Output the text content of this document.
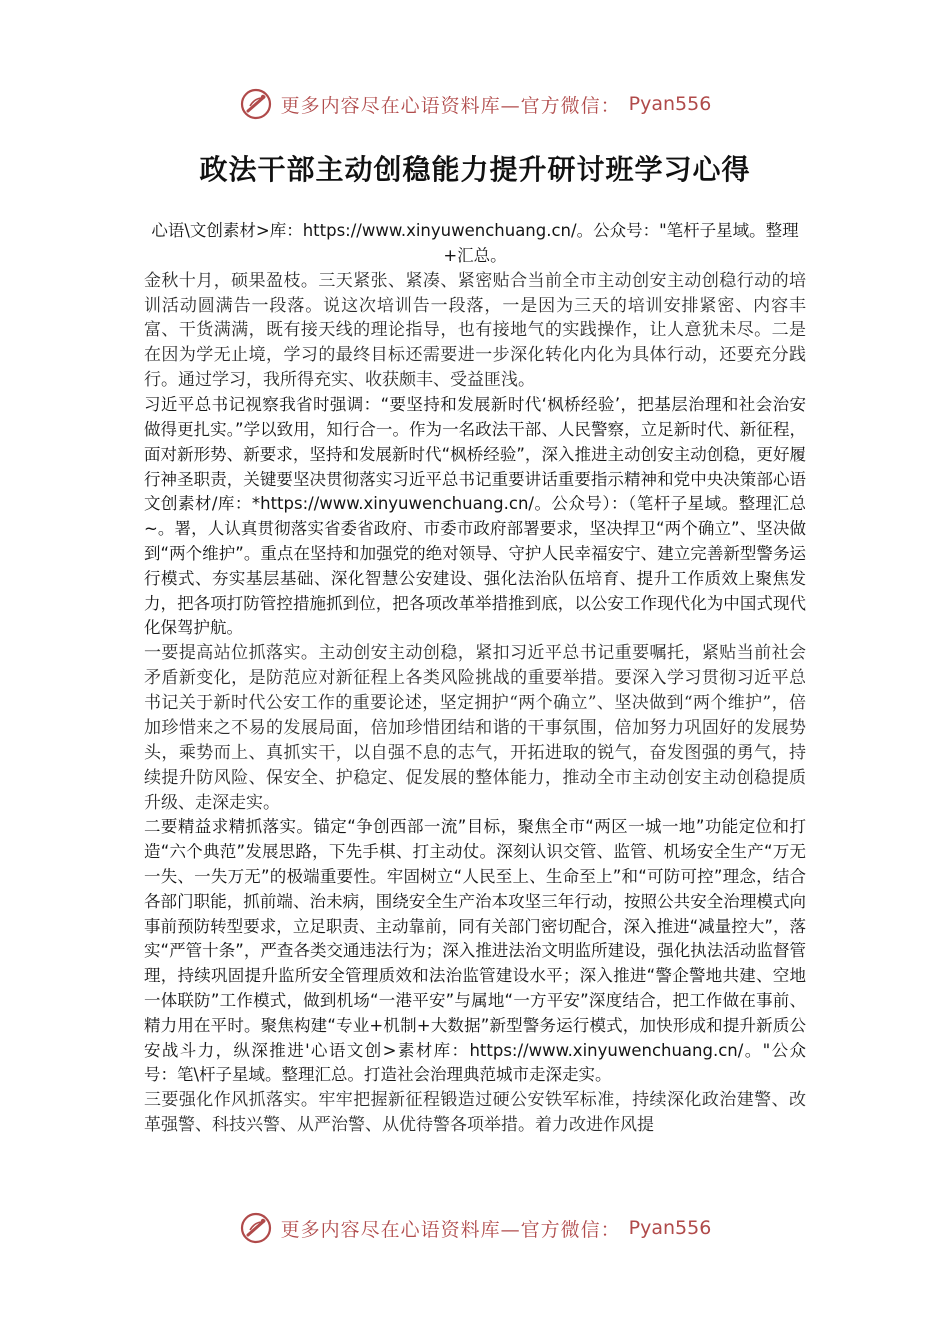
更多内容尽在心语资料库—官方微信： Pyan556
政法干部主动创稳能力提升研讨班学习心得

心语\文创素材>库：https://www.xinyuwenchuang.cn/。公众号："笔杆子星域。整理+汇总。

金秋十月，硕果盈枝。三天紧张、紧凑、紧密贴合当前全市主动创安主动创稳行动的培训活动圆满告一段落。说这次培训告一段落，一是因为三天的培训安排紧密、内容丰富、干货满满，既有接天线的理论指导，也有接地气的实践操作，让人意犹未尽。二是在因为学无止境，学习的最终目标还需要进一步深化转化内化为具体行动，还要充分践行。通过学习，我所得充实、收获颇丰、受益匪浅。

习近平总书记视察我省时强调：“要坚持和发展新时代‘枫桥经验’，把基层治理和社会治安做得更扎实。”学以致用，知行合一。作为一名政法干部、人民警察，立足新时代、新征程，面对新形势、新要求，坚持和发展新时代“枫桥经验”，深入推进主动创安主动创稳，更好履行神圣职责，关键要坚决贯彻落实习近平总书记重要讲话重要指示精神和党中央决策部心语文创素材/库：*https://www.xinyuwenchuang.cn/。公众号）：（笔杆子星域。整理汇总~。署，人认真贯彻落实省委省政府、市委市政府部署要求，坚决捍卫“两个确立”、坚决做到“两个维护”。重点在坚持和加强党的绝对领导、守护人民幸福安宁、建立完善新型警务运行模式、夯实基层基础、深化智慧公安建设、强化法治队伍培育、提升工作质效上聚焦发力，把各项打防管控措施抓到位，把各项改革举措推到底，以公安工作现代化为中国式现代化保驾护航。

一要提高站位抓落实。主动创安主动创稳，紧扣习近平总书记重要嘱托，紧贴当前社会矛盾新变化，是防范应对新征程上各类风险挑战的重要举措。要深入学习贯彻习近平总书记关于新时代公安工作的重要论述，坚定拥护“两个确立”、坚决做到“两个维护”，倍加珍惜来之不易的发展局面，倍加珍惜团结和谐的干事氛围，倍加努力巩固好的发展势头，乘势而上、真抓实干，以自强不息的志气，开拓进取的锐气，奋发图强的勇气，持续提升防风险、保安全、护稳定、促发展的整体能力，推动全市主动创安主动创稳提质升级、走深走实。

二要精益求精抓落实。锚定“争创西部一流”目标，聚焦全市“两区一城一地”功能定位和打造“六个典范”发展思路，下先手棋、打主动仗。深刻认识交管、监管、机场安全生产“万无一失、一失万无”的极端重要性。牢固树立“人民至上、生命至上”和“可防可控”理念，结合各部门职能，抓前端、治未病，围绕安全生产治本攻坚三年行动，按照公共安全治理模式向事前预防转型要求，立足职责、主动靠前，同有关部门密切配合，深入推进“减量控大”，落实“严管十条”，严查各类交通违法行为；深入推进法治文明监所建设，强化执法活动监督管理，持续巩固提升监所安全管理质效和法治监管建设水平；深入推进“警企警地共建、空地一体联防”工作模式，做到机场“一港平安”与属地“一方平安”深度结合，把工作做在事前、精力用在平时。聚焦构建“专业+机制+大数据”新型警务运行模式，加快形成和提升新质公安战斗力，纵深推进'心语文创>素材库：https://www.xinyuwenchuang.cn/。"公众号：笔\杆子星域。整理汇总。打造社会治理典范城市走深走实。

三要强化作风抓落实。牢牢把握新征程锻造过硬公安铁军标准，持续深化政治建警、改革强警、科技兴警、从严治警、从优待警各项举措。着力改进作风提

更多内容尽在心语资料库—官方微信： Pyan556
